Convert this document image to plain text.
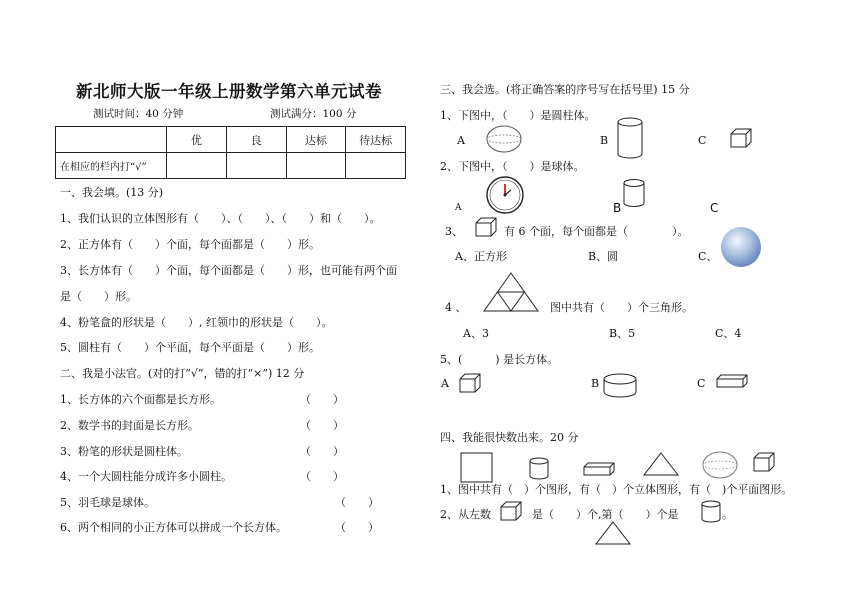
新北师大版一年级上册数学第六单元试卷
测试时间：40 分钟	测试满分：100 分
	优	良	达标	待达标
在相应的栏内打“√”				
一、我会填。(13 分)
1、我们认识的立体图形有（　　）、（　　）、（　　）和（　　）。
2、正方体有（　　）个面，每个面都是（　　）形。
3、长方体有（　　）个面，每个面都是（　　）形，也可能有两个面
是（　　）形。
4、粉笔盒的形状是（　　）, 红领巾的形状是（　　）。
5、圆柱有（　　）个平面，每个平面是（　　）形。
二、我是小法官。(对的打“√”，错的打“×”) 12 分
1、长方体的六个面都是长方形。	（　　）
2、数学书的封面是长方形。	（　　）
3、粉笔的形状是圆柱体。	（　　）
4、一个大圆柱能分成许多小圆柱。	（　　）
5、羽毛球是球体。	（　　）
6、两个相同的小正方体可以拼成一个长方体。	（　　）
三、我会选。(将正确答案的序号写在括号里) 15 分
1、下图中，（　　）是圆柱体。
A	B	C
2、下图中，（　　）是球体。
A	B	C
3、	有 6 个面，每个面都是（　　　　）。
A、正方形	B、圆	C、
4 、	图中共有（　　）个三角形。
A、3	B、5	C、4
5、(　　　) 是长方体。
A	B	C
四、我能很快数出来。20 分
1、图中共有（　）个图形，有（　）个立体图形，有（　)个平面图形。
2、从左数	是（　　）个,第（　　）个是	。
